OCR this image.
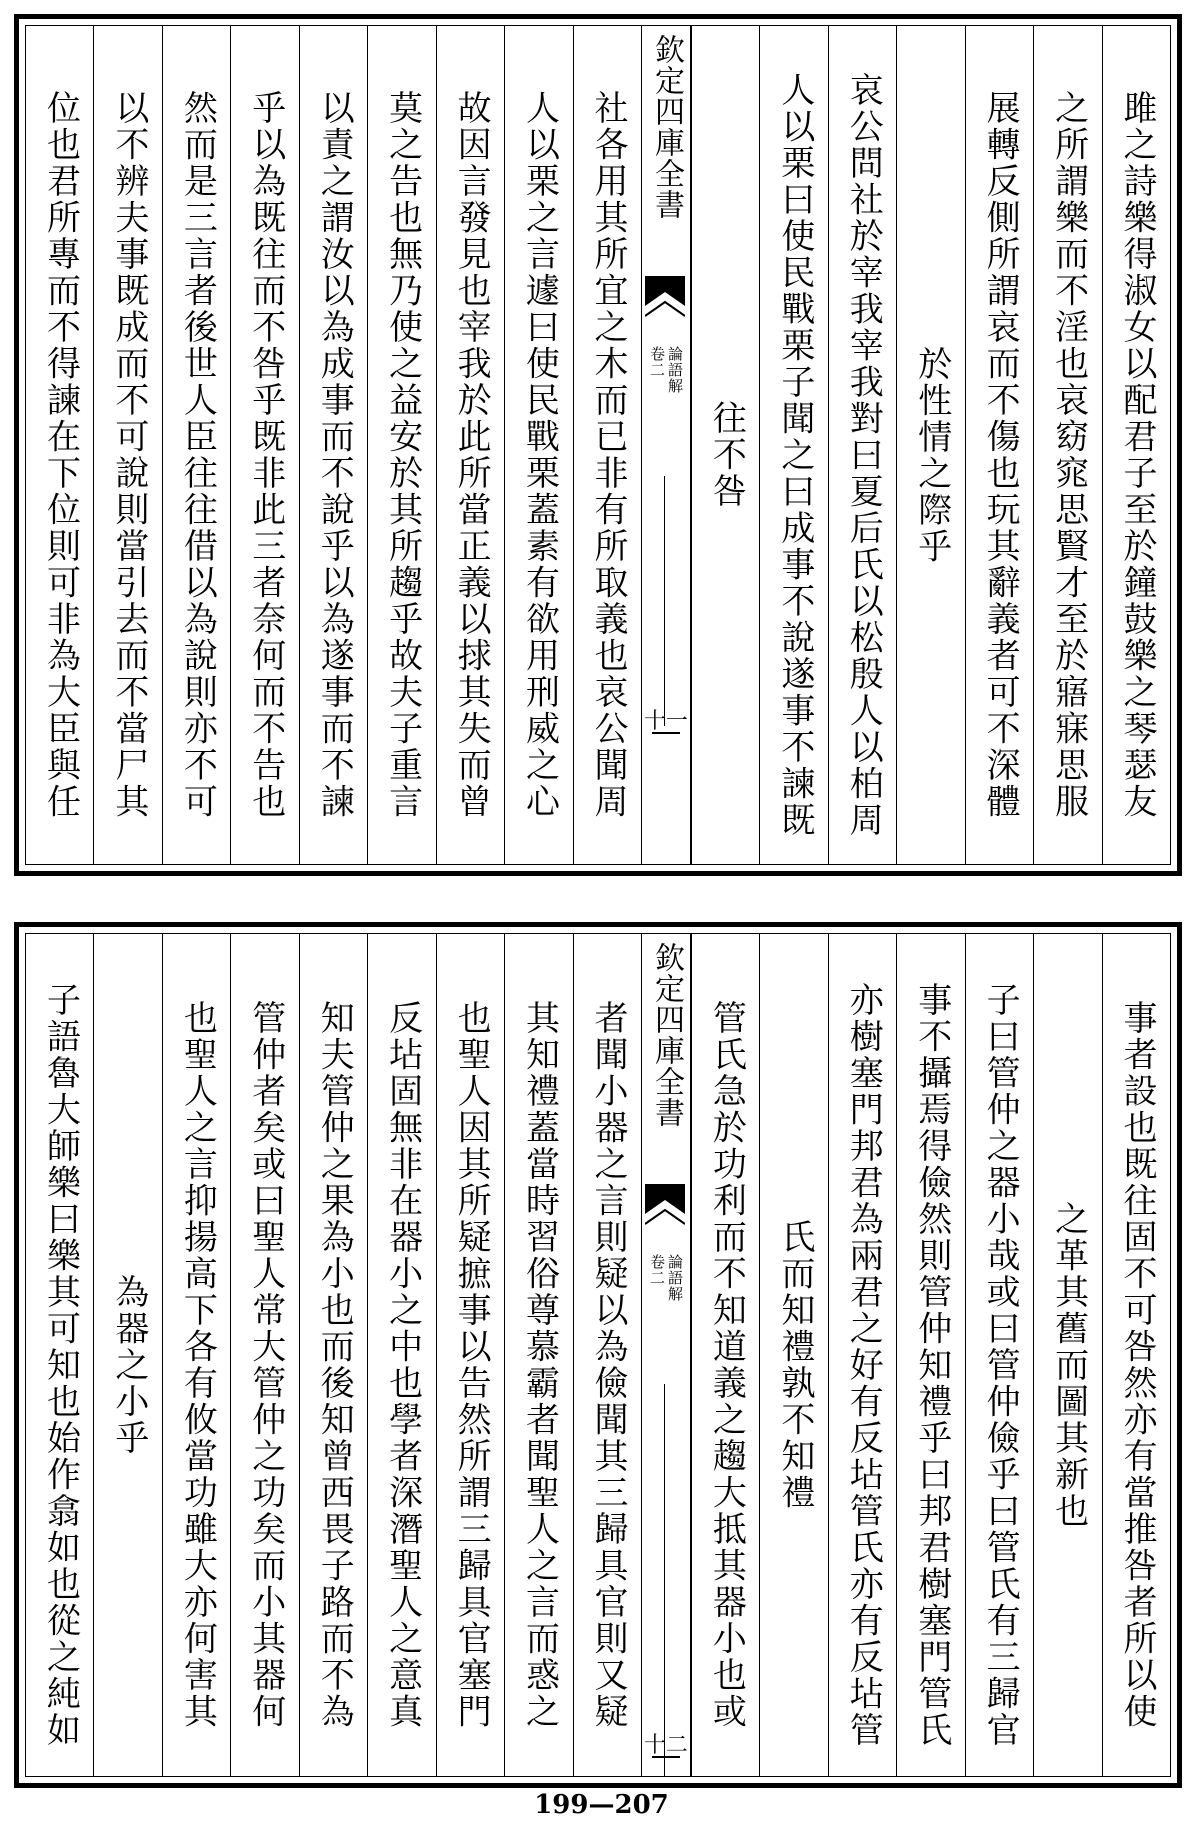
雎之詩樂得淑女以配君子至於鐘鼓樂之琴瑟友
之所謂樂而不淫也哀窈窕思賢才至於寤寐思服
展轉反側所謂哀而不傷也玩其辭義者可不深體
於性情之際乎
哀公問社於宰我宰我對曰夏后氏以松殷人以柏周
人以栗曰使民戰栗子聞之曰成事不說遂事不諫既
往不咎
欽定四庫全書
論語解
卷二
十一
社各用其所宜之木而已非有所取義也哀公聞周
人以栗之言遽曰使民戰栗蓋素有欲用刑威之心
故因言發見也宰我於此所當正義以捄其失而曾
莫之告也無乃使之益安於其所趨乎故夫子重言
以責之謂汝以為成事而不說乎以為遂事而不諫
乎以為既往而不咎乎既非此三者奈何而不告也
然而是三言者後世人臣往往借以為說則亦不可
以不辨夫事既成而不可說則當引去而不當尸其
位也君所專而不得諫在下位則可非為大臣與任
事者設也既往固不可咎然亦有當推咎者所以使
之革其舊而圖其新也
子曰管仲之器小哉或曰管仲儉乎曰管氏有三歸官
事不攝焉得儉然則管仲知禮乎曰邦君樹塞門管氏
亦樹塞門邦君為兩君之好有反坫管氏亦有反坫管
氏而知禮孰不知禮
管氏急於功利而不知道義之趨大抵其器小也或
欽定四庫全書
論語解
卷二
十二
者聞小器之言則疑以為儉聞其三歸具官則又疑
其知禮蓋當時習俗尊慕霸者聞聖人之言而惑之
也聖人因其所疑摭事以告然所謂三歸具官塞門
反坫固無非在器小之中也學者深潛聖人之意真
知夫管仲之果為小也而後知曾西畏子路而不為
管仲者矣或曰聖人常大管仲之功矣而小其器何
也聖人之言抑揚高下各有攸當功雖大亦何害其
為器之小乎
子語魯大師樂曰樂其可知也始作翕如也從之純如
199—207
